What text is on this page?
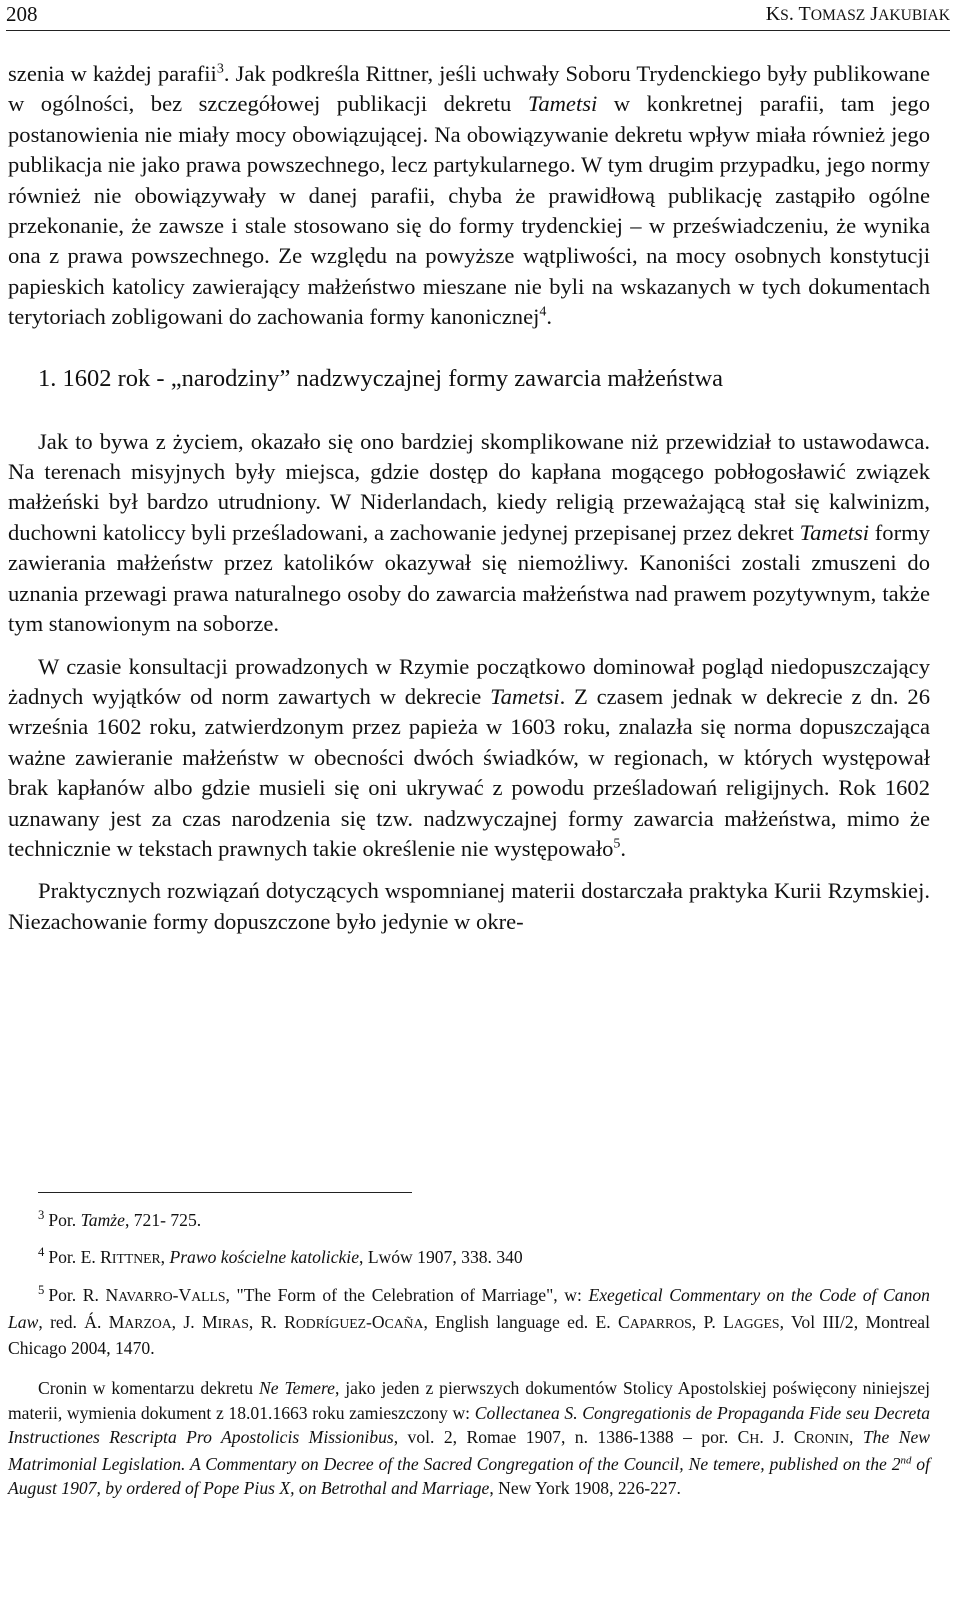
208	KS. TOMASZ JAKUBIAK

szenia w każdej parafii$^3$. Jak podkreśla Rittner, jeśli uchwały Soboru Trydenckiego były publikowane w ogólności, bez szczegółowej publikacji dekretu Tametsi w konkretnej parafii, tam jego postanowienia nie miały mocy obowiązującej. Na obowiązywanie dekretu wpływ miała również jego publikacja nie jako prawa powszechnego, lecz partykularnego. W tym drugim przypadku, jego normy również nie obowiązywały w danej parafii, chyba że prawidłową publikację zastąpiło ogólne przekonanie, że zawsze i stale stosowano się do formy trydenckiej – w przeświadczeniu, że wynika ona z prawa powszechnego. Ze względu na powyższe wątpliwości, na mocy osobnych konstytucji papieskich katolicy zawierający małżeństwo mieszane nie byli na wskazanych w tych dokumentach terytoriach zobligowani do zachowania formy kanonicznej$^4$.

1. 1602 rok - „narodziny” nadzwyczajnej formy zawarcia małżeństwa

Jak to bywa z życiem, okazało się ono bardziej skomplikowane niż przewidział to ustawodawca. Na terenach misyjnych były miejsca, gdzie dostęp do kapłana mogącego pobłogosławić związek małżeński był bardzo utrudniony. W Niderlandach, kiedy religią przeważającą stał się kalwinizm, duchowni katoliccy byli prześladowani, a zachowanie jedynej przepisanej przez dekret Tametsi formy zawierania małżeństw przez katolików okazywał się niemożliwy. Kanoniści zostali zmuszeni do uznania przewagi prawa naturalnego osoby do zawarcia małżeństwa nad prawem pozytywnym, także tym stanowionym na soborze.

W czasie konsultacji prowadzonych w Rzymie początkowo dominował pogląd niedopuszczający żadnych wyjątków od norm zawartych w dekrecie Tametsi. Z czasem jednak w dekrecie z dn. 26 września 1602 roku, zatwierdzonym przez papieża w 1603 roku, znalazła się norma dopuszczająca ważne zawieranie małżeństw w obecności dwóch świadków, w regionach, w których występował brak kapłanów albo gdzie musieli się oni ukrywać z powodu prześladowań religijnych. Rok 1602 uznawany jest za czas narodzenia się tzw. nadzwyczajnej formy zawarcia małżeństwa, mimo że technicznie w tekstach prawnych takie określenie nie występowało$^5$.

Praktycznych rozwiązań dotyczących wspomnianej materii dostarczała praktyka Kurii Rzymskiej. Niezachowanie formy dopuszczone było jedynie w okre-

$^3$ Por. Tamże, 721- 725.

$^4$ Por. E. RITTNER, Prawo kościelne katolickie, Lwów 1907, 338. 340

$^5$ Por. R. NAVARRO-VALLS, "The Form of the Celebration of Marriage", w: Exegetical Commentary on the Code of Canon Law, red. Á. MARZOA, J. MIRAS, R. RODRÍGUEZ-OCAÑA, English language ed. E. CAPARROS, P. LAGGES, Vol III/2, Montreal Chicago 2004, 1470.

Cronin w komentarzu dekretu Ne Temere, jako jeden z pierwszych dokumentów Stolicy Apostolskiej poświęcony niniejszej materii, wymienia dokument z 18.01.1663 roku zamieszczony w: Collectanea S. Congregationis de Propaganda Fide seu Decreta Instructiones Rescripta Pro Apostolicis Missionibus, vol. 2, Romae 1907, n. 1386-1388 – por. CH. J. CRONIN, The New Matrimonial Legislation. A Commentary on Decree of the Sacred Congregation of the Council, Ne temere, published on the 2nd of August 1907, by ordered of Pope Pius X, on Betrothal and Marriage, New York 1908, 226-227.
